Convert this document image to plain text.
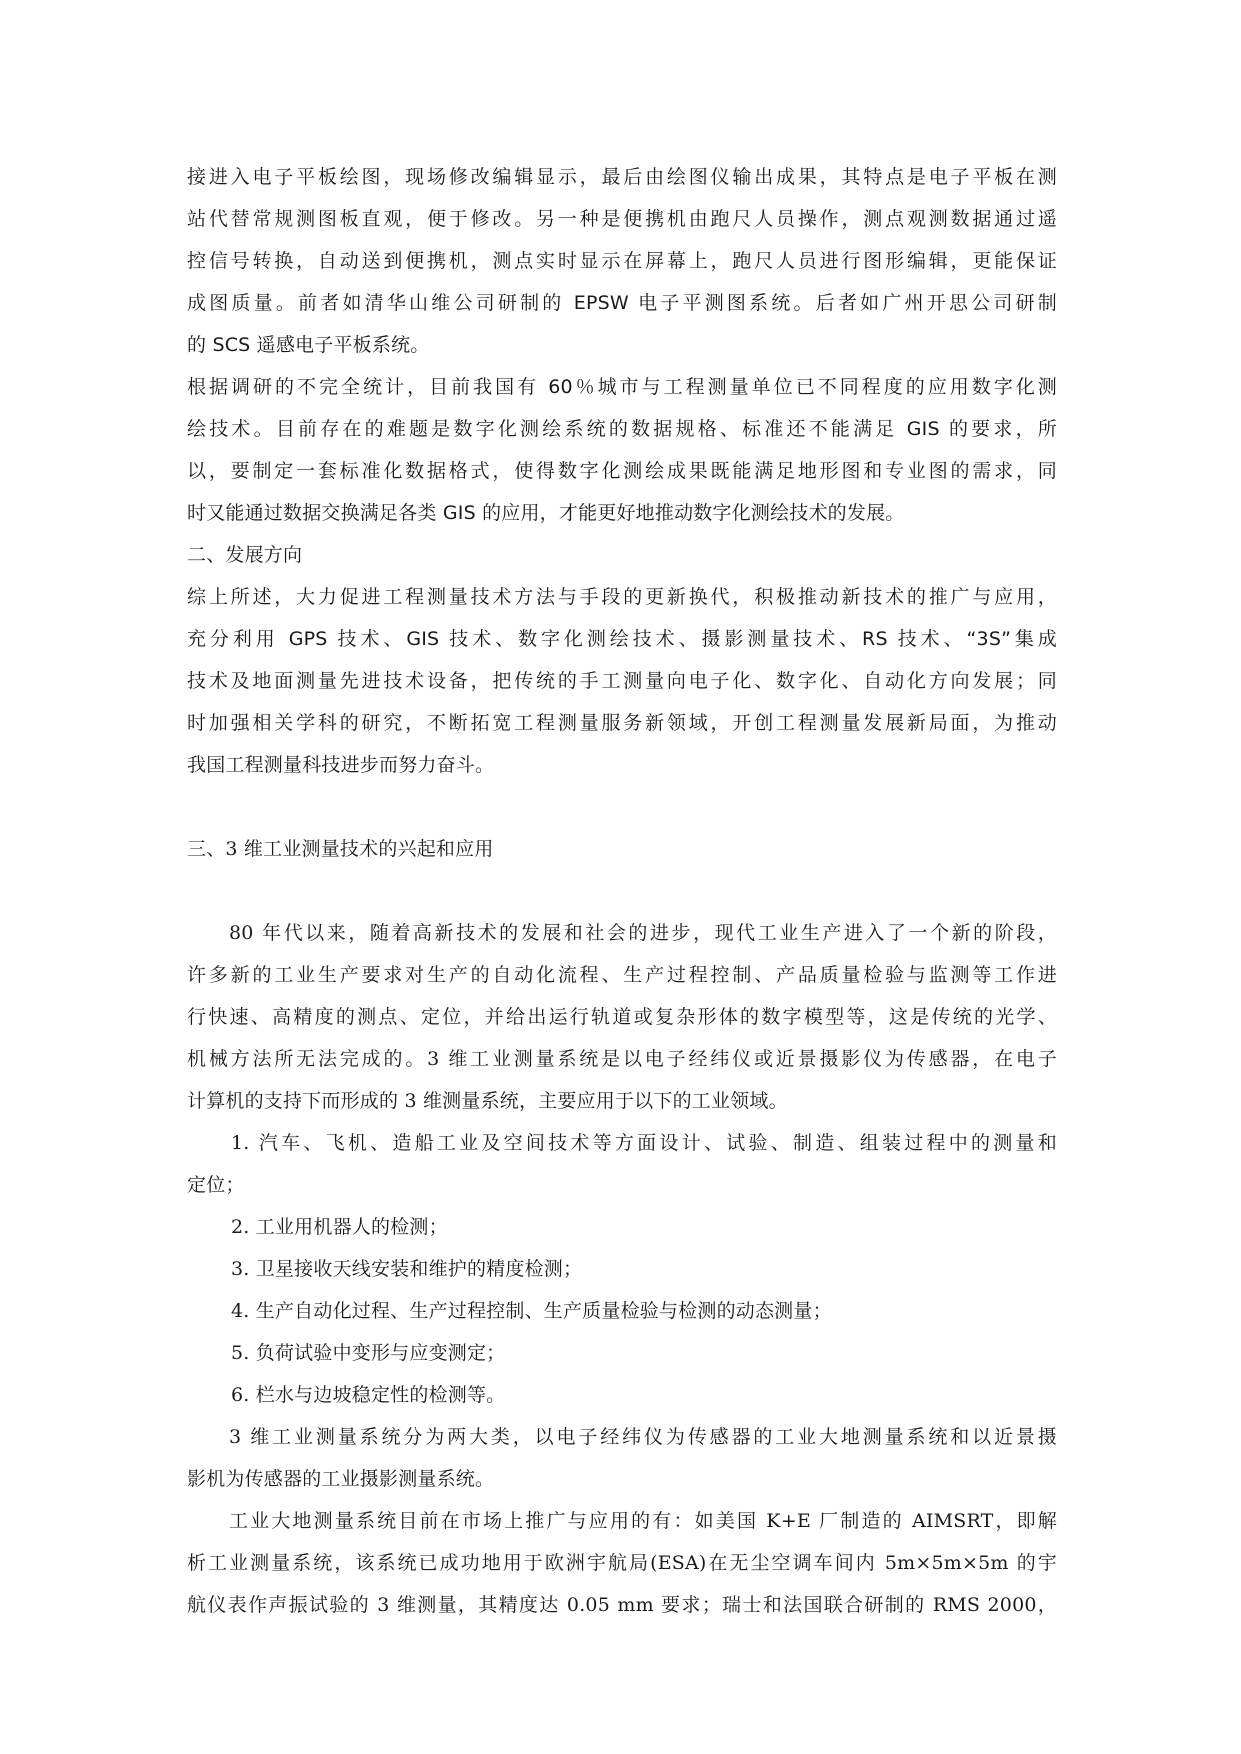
接进入电子平板绘图，现场修改编辑显示，最后由绘图仪输出成果，其特点是电子平板在测
站代替常规测图板直观，便于修改。另一种是便携机由跑尺人员操作，测点观测数据通过遥
控信号转换，自动送到便携机，测点实时显示在屏幕上，跑尺人员进行图形编辑，更能保证
成图质量。前者如清华山维公司研制的 EPSW 电子平测图系统。后者如广州开思公司研制
的 SCS 遥感电子平板系统。
根据调研的不完全统计，目前我国有 60％城市与工程测量单位已不同程度的应用数字化测
绘技术。目前存在的难题是数字化测绘系统的数据规格、标准还不能满足 GIS 的要求，所
以，要制定一套标准化数据格式，使得数字化测绘成果既能满足地形图和专业图的需求，同
时又能通过数据交换满足各类 GIS 的应用，才能更好地推动数字化测绘技术的发展。
二、发展方向
综上所述，大力促进工程测量技术方法与手段的更新换代，积极推动新技术的推广与应用，
充分利用 GPS 技术、GIS 技术、数字化测绘技术、摄影测量技术、RS 技术、“3S”集成
技术及地面测量先进技术设备，把传统的手工测量向电子化、数字化、自动化方向发展；同
时加强相关学科的研究，不断拓宽工程测量服务新领域，开创工程测量发展新局面，为推动
我国工程测量科技进步而努力奋斗。
三、3 维工业测量技术的兴起和应用
80 年代以来，随着高新技术的发展和社会的进步，现代工业生产进入了一个新的阶段，
许多新的工业生产要求对生产的自动化流程、生产过程控制、产品质量检验与监测等工作进
行快速、高精度的测点、定位，并给出运行轨道或复杂形体的数字模型等，这是传统的光学、
机械方法所无法完成的。3 维工业测量系统是以电子经纬仪或近景摄影仪为传感器，在电子
计算机的支持下而形成的 3 维测量系统，主要应用于以下的工业领域。
1. 汽车、飞机、造船工业及空间技术等方面设计、试验、制造、组装过程中的测量和
定位；
2. 工业用机器人的检测；
3. 卫星接收天线安装和维护的精度检测；
4. 生产自动化过程、生产过程控制、生产质量检验与检测的动态测量；
5. 负荷试验中变形与应变测定；
6. 栏水与边坡稳定性的检测等。
3 维工业测量系统分为两大类，以电子经纬仪为传感器的工业大地测量系统和以近景摄
影机为传感器的工业摄影测量系统。
工业大地测量系统目前在市场上推广与应用的有：如美国 K+E 厂制造的 AIMSRT，即解
析工业测量系统，该系统已成功地用于欧洲宇航局(ESA)在无尘空调车间内 5m×5m×5m 的宇
航仪表作声振试验的 3 维测量，其精度达 0.05 mm 要求；瑞士和法国联合研制的 RMS 2000，
